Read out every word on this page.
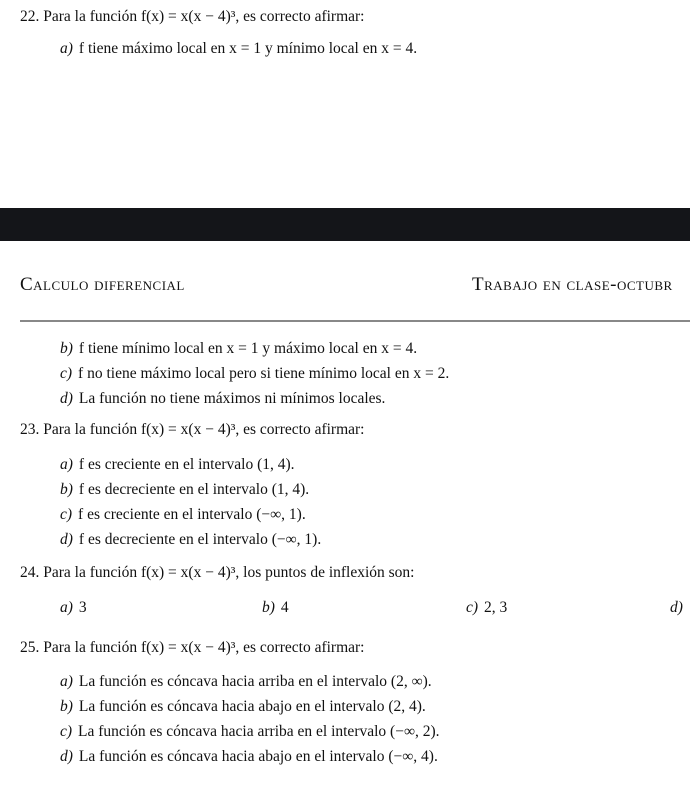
22. Para la función f(x) = x(x − 4)³, es correcto afirmar:
a) f tiene máximo local en x = 1 y mínimo local en x = 4.
Calculo diferencial	Trabajo en clase-octubr
b) f tiene mínimo local en x = 1 y máximo local en x = 4.
c) f no tiene máximo local pero si tiene mínimo local en x = 2.
d) La función no tiene máximos ni mínimos locales.
23. Para la función f(x) = x(x − 4)³, es correcto afirmar:
a) f es creciente en el intervalo (1, 4).
b) f es decreciente en el intervalo (1, 4).
c) f es creciente en el intervalo (−∞, 1).
d) f es decreciente en el intervalo (−∞, 1).
24. Para la función f(x) = x(x − 4)³, los puntos de inflexión son:
a) 3	b) 4	c) 2, 3	d)
25. Para la función f(x) = x(x − 4)³, es correcto afirmar:
a) La función es cóncava hacia arriba en el intervalo (2, ∞).
b) La función es cóncava hacia abajo en el intervalo (2, 4).
c) La función es cóncava hacia arriba en el intervalo (−∞, 2).
d) La función es cóncava hacia abajo en el intervalo (−∞, 4).
